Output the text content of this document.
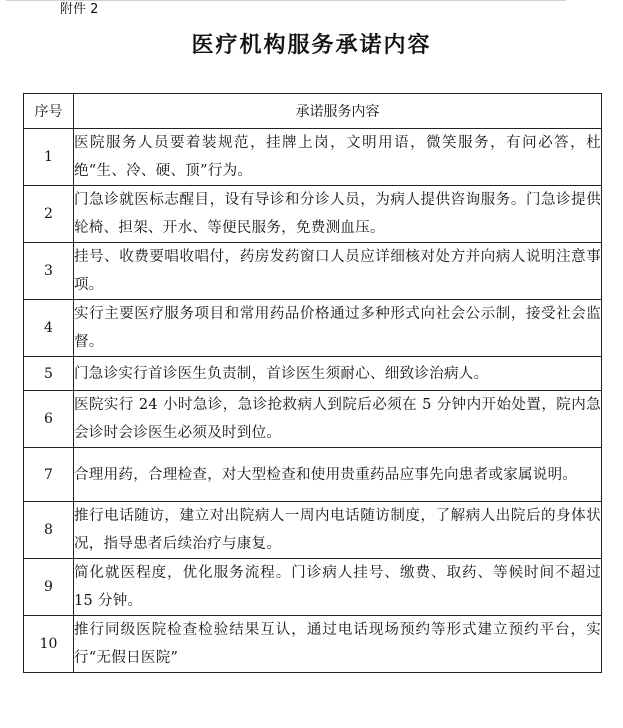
附件 2
医疗机构服务承诺内容
序号	承诺服务内容
1	医院服务人员要着装规范，挂牌上岗，文明用语，微笑服务，有问必答，杜绝“生、冷、硬、顶”行为。
2	门急诊就医标志醒目，设有导诊和分诊人员，为病人提供咨询服务。门急诊提供轮椅、担架、开水、等便民服务，免费测血压。
3	挂号、收费要唱收唱付，药房发药窗口人员应详细核对处方并向病人说明注意事项。
4	实行主要医疗服务项目和常用药品价格通过多种形式向社会公示制，接受社会监督。
5	门急诊实行首诊医生负责制，首诊医生须耐心、细致诊治病人。
6	医院实行 24 小时急诊，急诊抢救病人到院后必须在 5 分钟内开始处置，院内急会诊时会诊医生必须及时到位。
7	合理用药，合理检查，对大型检查和使用贵重药品应事先向患者或家属说明。
8	推行电话随访，建立对出院病人一周内电话随访制度，了解病人出院后的身体状况，指导患者后续治疗与康复。
9	简化就医程度，优化服务流程。门诊病人挂号、缴费、取药、等候时间不超过 15 分钟。
10	推行同级医院检查检验结果互认，通过电话现场预约等形式建立预约平台，实行“无假日医院”
